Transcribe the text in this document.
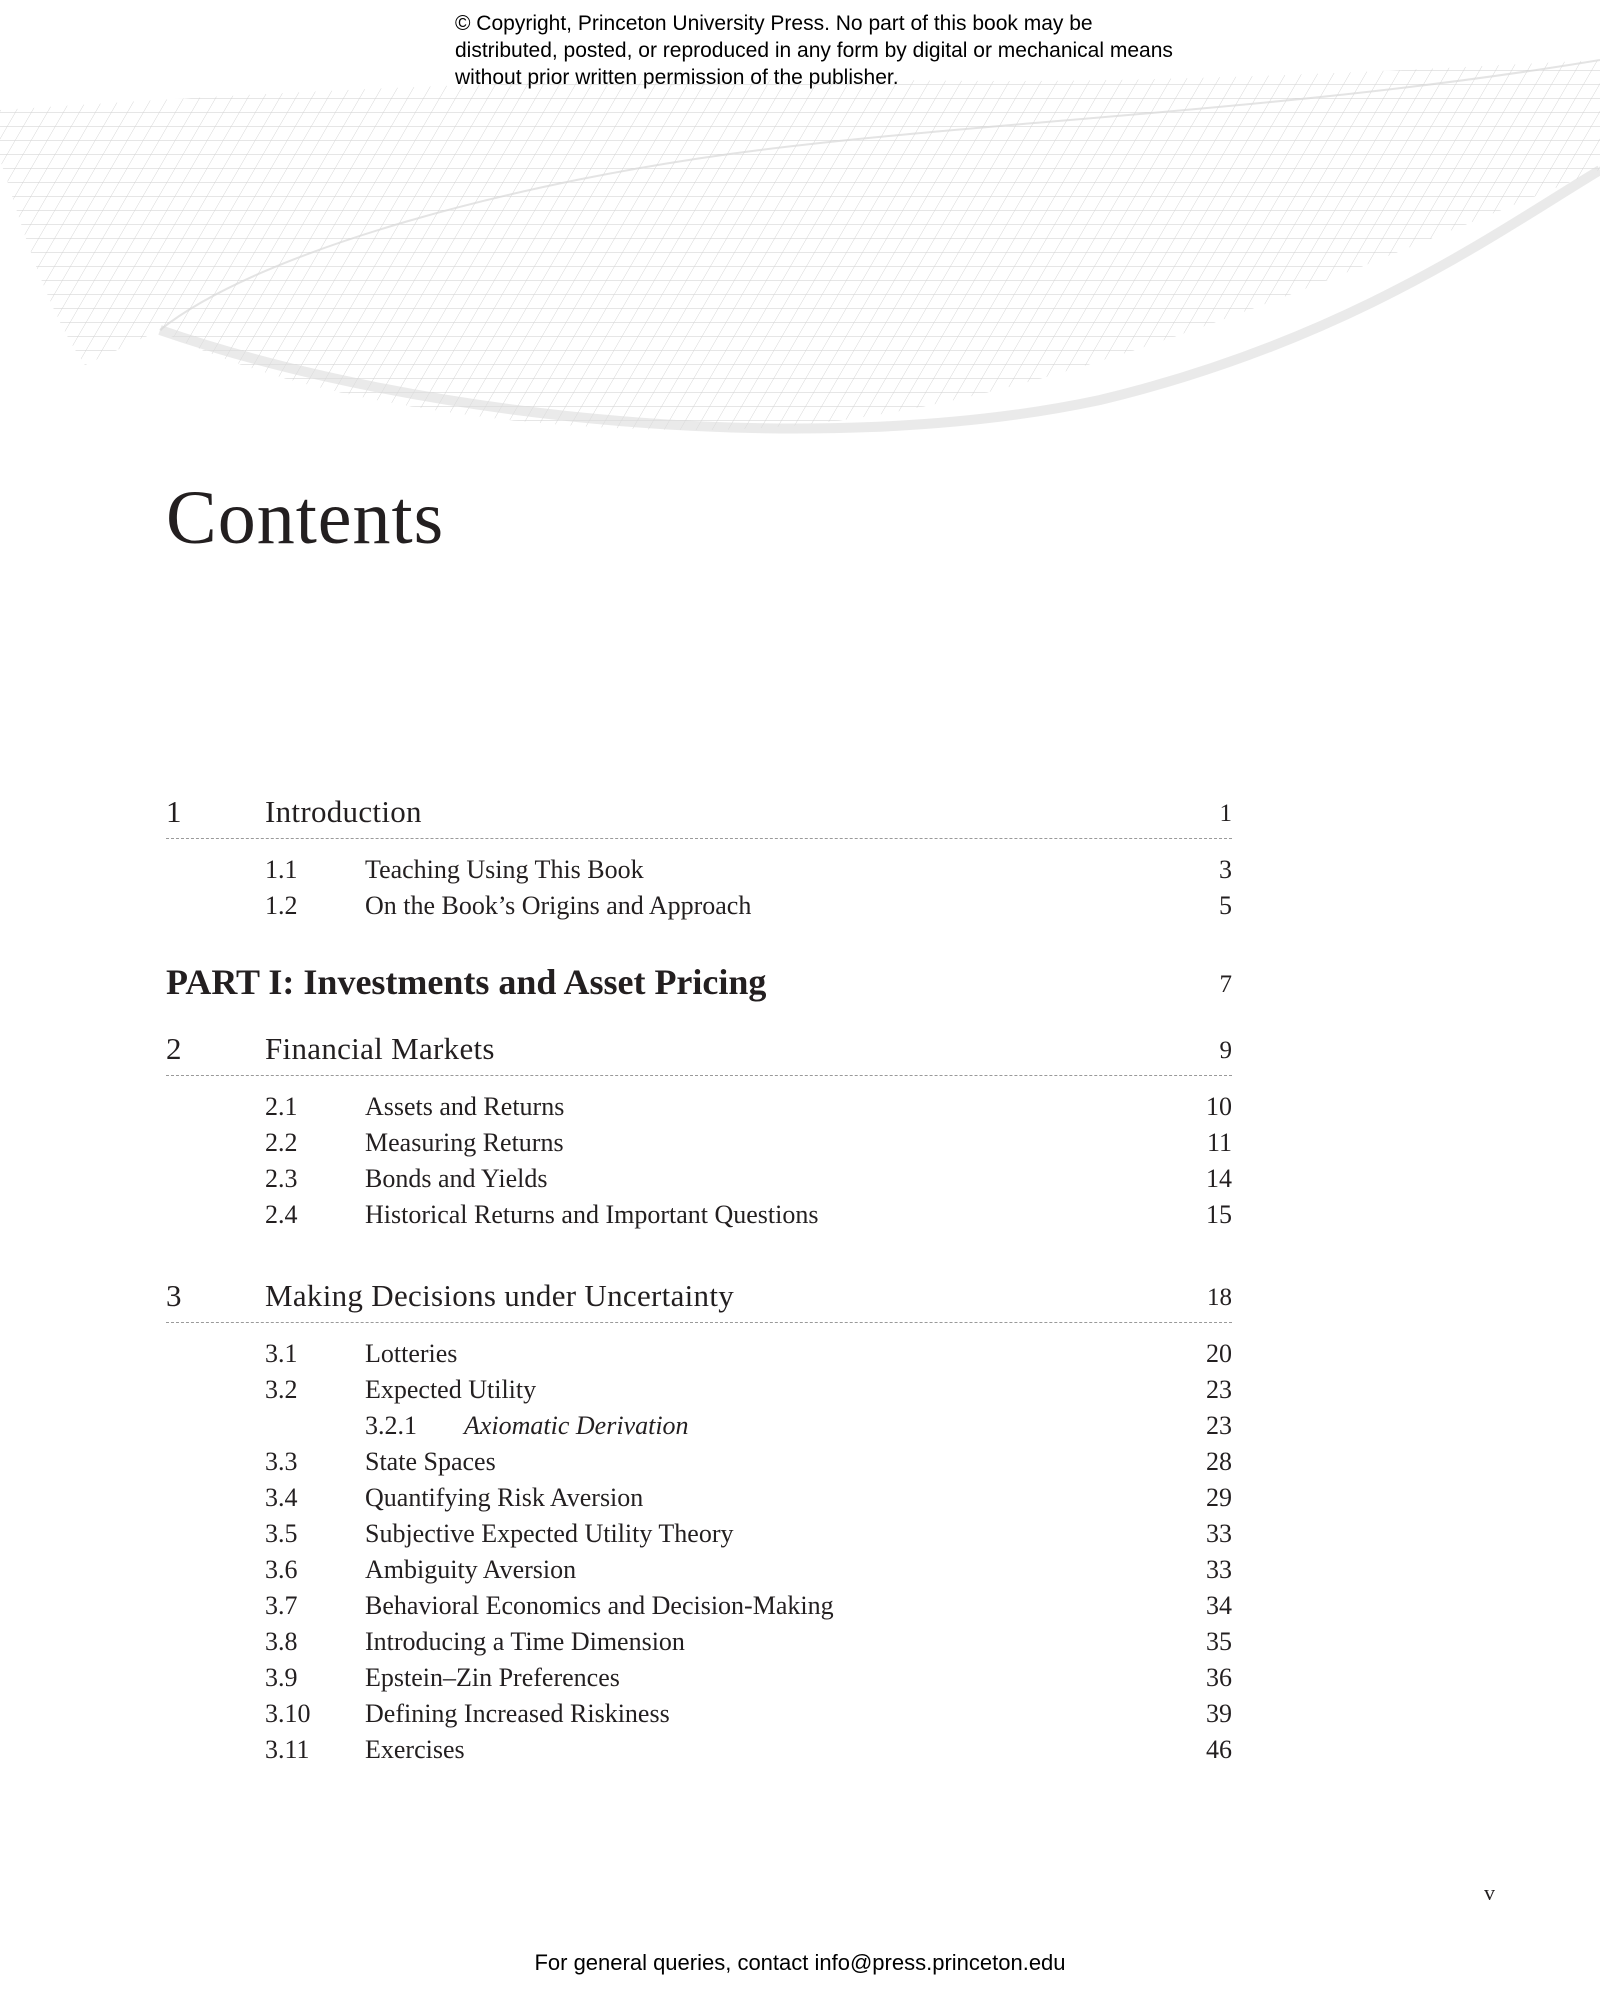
© Copyright, Princeton University Press. No part of this book may be distributed, posted, or reproduced in any form by digital or mechanical means without prior written permission of the publisher.
Contents
1	Introduction	1
1.1	Teaching Using This Book	3
1.2	On the Book’s Origins and Approach	5
PART I: Investments and Asset Pricing	7
2	Financial Markets	9
2.1	Assets and Returns	10
2.2	Measuring Returns	11
2.3	Bonds and Yields	14
2.4	Historical Returns and Important Questions	15
3	Making Decisions under Uncertainty	18
3.1	Lotteries	20
3.2	Expected Utility	23
3.2.1 Axiomatic Derivation	23
3.3	State Spaces	28
3.4	Quantifying Risk Aversion	29
3.5	Subjective Expected Utility Theory	33
3.6	Ambiguity Aversion	33
3.7	Behavioral Economics and Decision-Making	34
3.8	Introducing a Time Dimension	35
3.9	Epstein–Zin Preferences	36
3.10 Defining Increased Riskiness	39
3.11 Exercises	46
v
For general queries, contact info@press.princeton.edu
